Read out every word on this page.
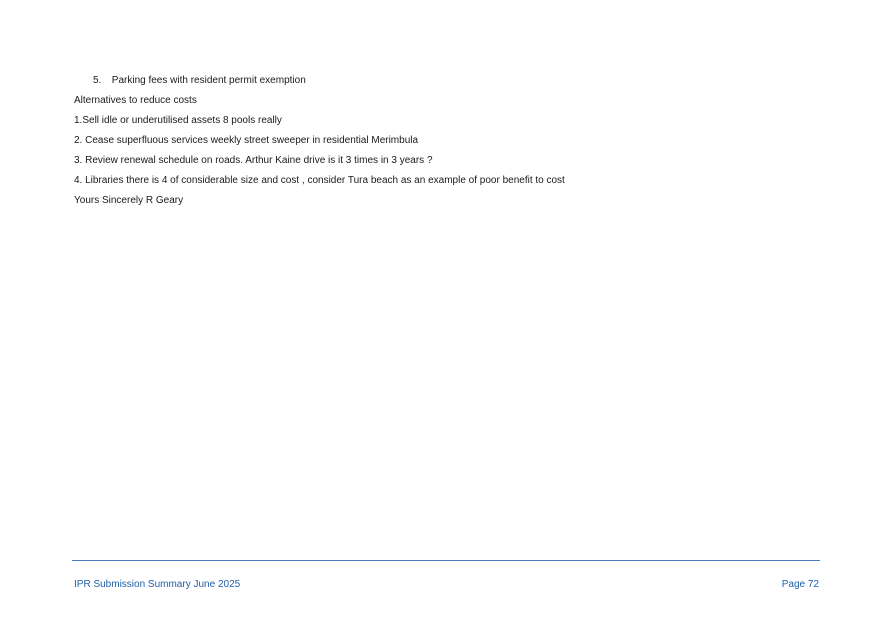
5. Parking fees with resident permit exemption
Alternatives to reduce costs
1.Sell idle or underutilised assets 8 pools really
2. Cease superfluous services weekly street sweeper in residential Merimbula
3. Review renewal schedule on roads. Arthur Kaine drive is it 3 times in 3 years ?
4. Libraries there is 4 of considerable size and cost , consider Tura beach as an example of poor benefit to cost
Yours Sincerely R Geary
IPR Submission Summary June 2025	Page 72
